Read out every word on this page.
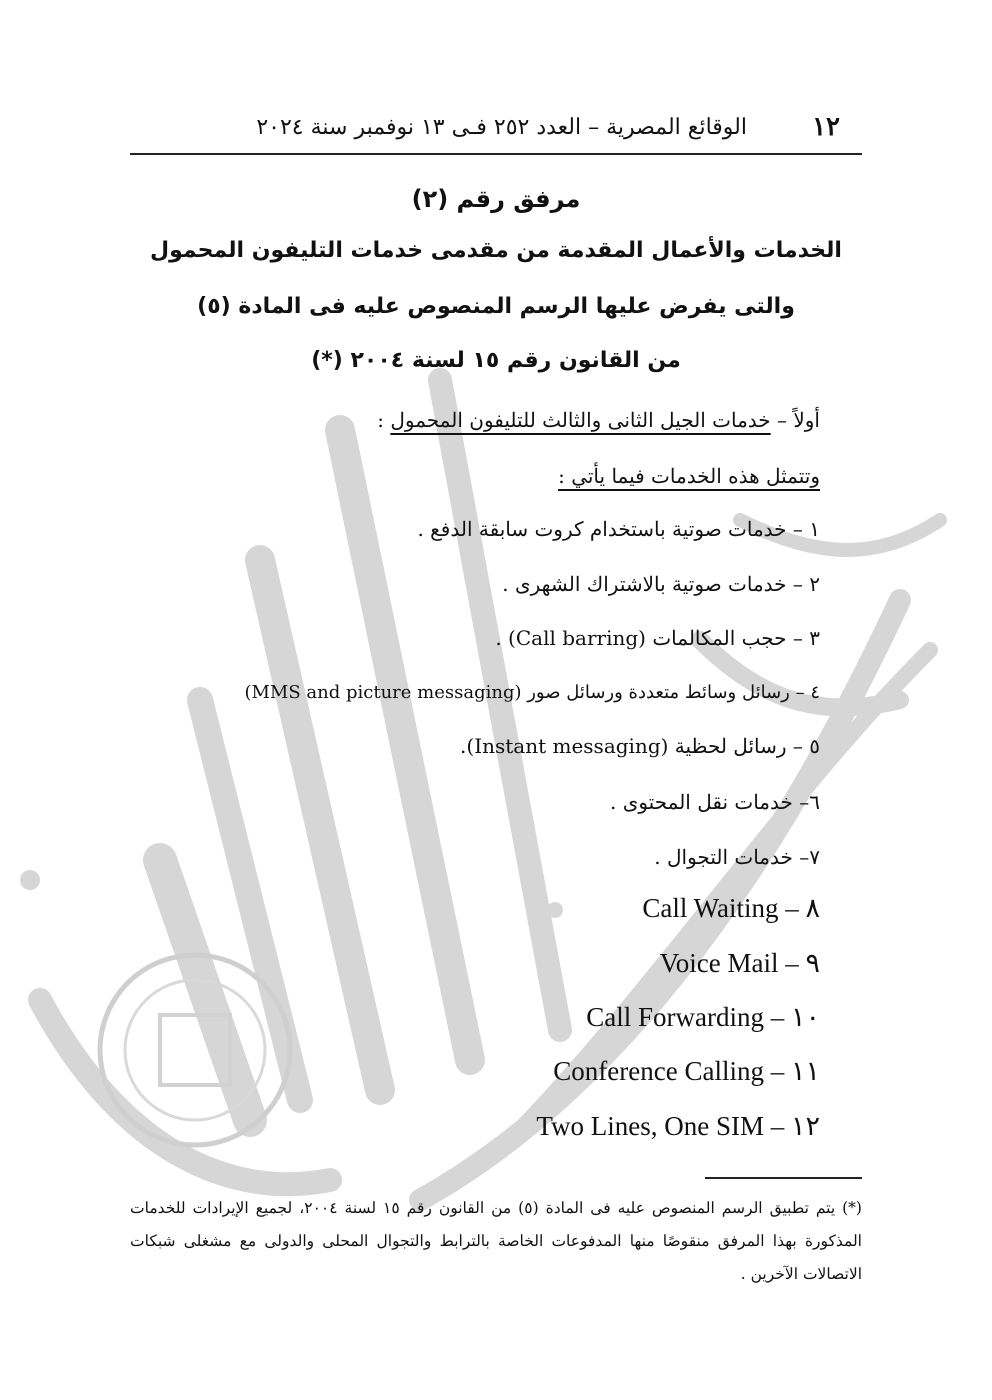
١٢
الوقائع المصرية – العدد ٢٥٢ فـى ١٣ نوفمبر سنة ٢٠٢٤
مرفق رقم (٢)
الخدمات والأعمال المقدمة من مقدمى خدمات التليفون المحمول
والتى يفرض عليها الرسم المنصوص عليه فى المادة (٥)
من القانون رقم ١٥ لسنة ٢٠٠٤ (*)
أولاً – خدمات الجيل الثانى والثالث للتليفون المحمول :
وتتمثل هذه الخدمات فيما يأتي :
١ – خدمات صوتية باستخدام كروت سابقة الدفع .
٢ – خدمات صوتية بالاشتراك الشهرى .
٣ – حجب المكالمات (Call barring) .
٤ – رسائل وسائط متعددة ورسائل صور (MMS and picture messaging)
٥ – رسائل لحظية (Instant messaging).
٦– خدمات نقل المحتوى .
٧– خدمات التجوال .
Call Waiting – ٨
Voice Mail – ٩
Call Forwarding – ١٠
Conference Calling – ١١
Two Lines, One SIM – ١٢
(*) يتم تطبيق الرسم المنصوص عليه فى المادة (٥) من القانون رقم ١٥ لسنة ٢٠٠٤، لجميع الإيرادات للخدمات المذكورة بهذا المرفق منقوصًا منها المدفوعات الخاصة بالترابط والتجوال المحلى والدولى مع مشغلى شبكات الاتصالات الآخرين .
